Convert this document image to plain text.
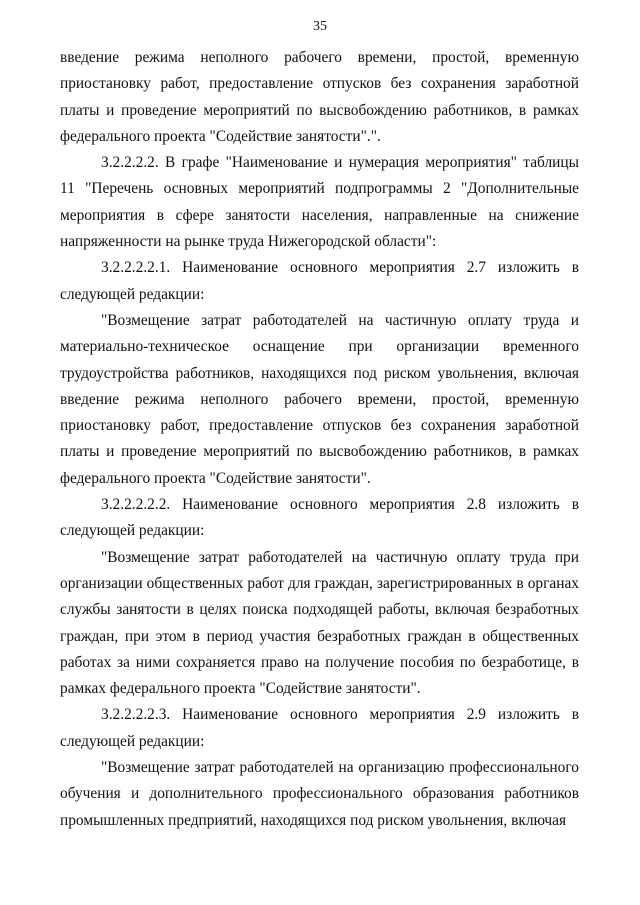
35

введение режима неполного рабочего времени, простой, временную приостановку работ, предоставление отпусков без сохранения заработной платы и проведение мероприятий по высвобождению работников, в рамках федерального проекта "Содействие занятости".".

3.2.2.2.2. В графе "Наименование и нумерация мероприятия" таблицы 11 "Перечень основных мероприятий подпрограммы 2 "Дополнительные мероприятия в сфере занятости населения, направленные на снижение напряженности на рынке труда Нижегородской области":

3.2.2.2.2.1. Наименование основного мероприятия 2.7 изложить в следующей редакции:

"Возмещение затрат работодателей на частичную оплату труда и материально-техническое оснащение при организации временного трудоустройства работников, находящихся под риском увольнения, включая введение режима неполного рабочего времени, простой, временную приостановку работ, предоставление отпусков без сохранения заработной платы и проведение мероприятий по высвобождению работников, в рамках федерального проекта "Содействие занятости".

3.2.2.2.2.2. Наименование основного мероприятия 2.8 изложить в следующей редакции:

"Возмещение затрат работодателей на частичную оплату труда при организации общественных работ для граждан, зарегистрированных в органах службы занятости в целях поиска подходящей работы, включая безработных граждан, при этом в период участия безработных граждан в общественных работах за ними сохраняется право на получение пособия по безработице, в рамках федерального проекта "Содействие занятости".

3.2.2.2.2.3. Наименование основного мероприятия 2.9 изложить в следующей редакции:

"Возмещение затрат работодателей на организацию профессионального обучения и дополнительного профессионального образования работников промышленных предприятий, находящихся под риском увольнения, включая
